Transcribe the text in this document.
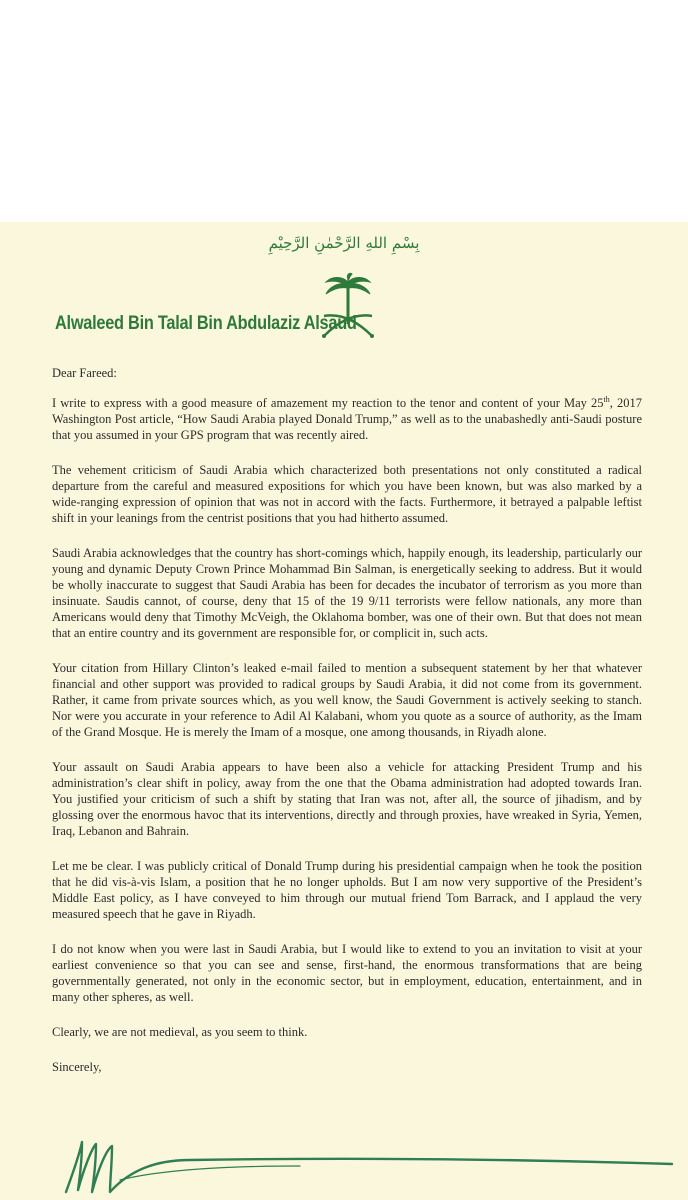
بِسْمِ اللهِ الرَّحْمٰنِ الرَّحِيْمِ
Alwaleed Bin Talal Bin Abdulaziz Alsaud

Dear Fareed:

I write to express with a good measure of amazement my reaction to the tenor and content of your May 25th, 2017 Washington Post article, “How Saudi Arabia played Donald Trump,” as well as to the unabashedly anti-Saudi posture that you assumed in your GPS program that was recently aired.

The vehement criticism of Saudi Arabia which characterized both presentations not only constituted a radical departure from the careful and measured expositions for which you have been known, but was also marked by a wide-ranging expression of opinion that was not in accord with the facts. Furthermore, it betrayed a palpable leftist shift in your leanings from the centrist positions that you had hitherto assumed.

Saudi Arabia acknowledges that the country has short-comings which, happily enough, its leadership, particularly our young and dynamic Deputy Crown Prince Mohammad Bin Salman, is energetically seeking to address. But it would be wholly inaccurate to suggest that Saudi Arabia has been for decades the incubator of terrorism as you more than insinuate. Saudis cannot, of course, deny that 15 of the 19 9/11 terrorists were fellow nationals, any more than Americans would deny that Timothy McVeigh, the Oklahoma bomber, was one of their own. But that does not mean that an entire country and its government are responsible for, or complicit in, such acts.

Your citation from Hillary Clinton’s leaked e-mail failed to mention a subsequent statement by her that whatever financial and other support was provided to radical groups by Saudi Arabia, it did not come from its government. Rather, it came from private sources which, as you well know, the Saudi Government is actively seeking to stanch. Nor were you accurate in your reference to Adil Al Kalabani, whom you quote as a source of authority, as the Imam of the Grand Mosque. He is merely the Imam of a mosque, one among thousands, in Riyadh alone.

Your assault on Saudi Arabia appears to have been also a vehicle for attacking President Trump and his administration’s clear shift in policy, away from the one that the Obama administration had adopted towards Iran. You justified your criticism of such a shift by stating that Iran was not, after all, the source of jihadism, and by glossing over the enormous havoc that its interventions, directly and through proxies, have wreaked in Syria, Yemen, Iraq, Lebanon and Bahrain.

Let me be clear. I was publicly critical of Donald Trump during his presidential campaign when he took the position that he did vis-à-vis Islam, a position that he no longer upholds. But I am now very supportive of the President’s Middle East policy, as I have conveyed to him through our mutual friend Tom Barrack, and I applaud the very measured speech that he gave in Riyadh.

I do not know when you were last in Saudi Arabia, but I would like to extend to you an invitation to visit at your earliest convenience so that you can see and sense, first-hand, the enormous transformations that are being governmentally generated, not only in the economic sector, but in employment, education, entertainment, and in many other spheres, as well.

Clearly, we are not medieval, as you seem to think.

Sincerely,
